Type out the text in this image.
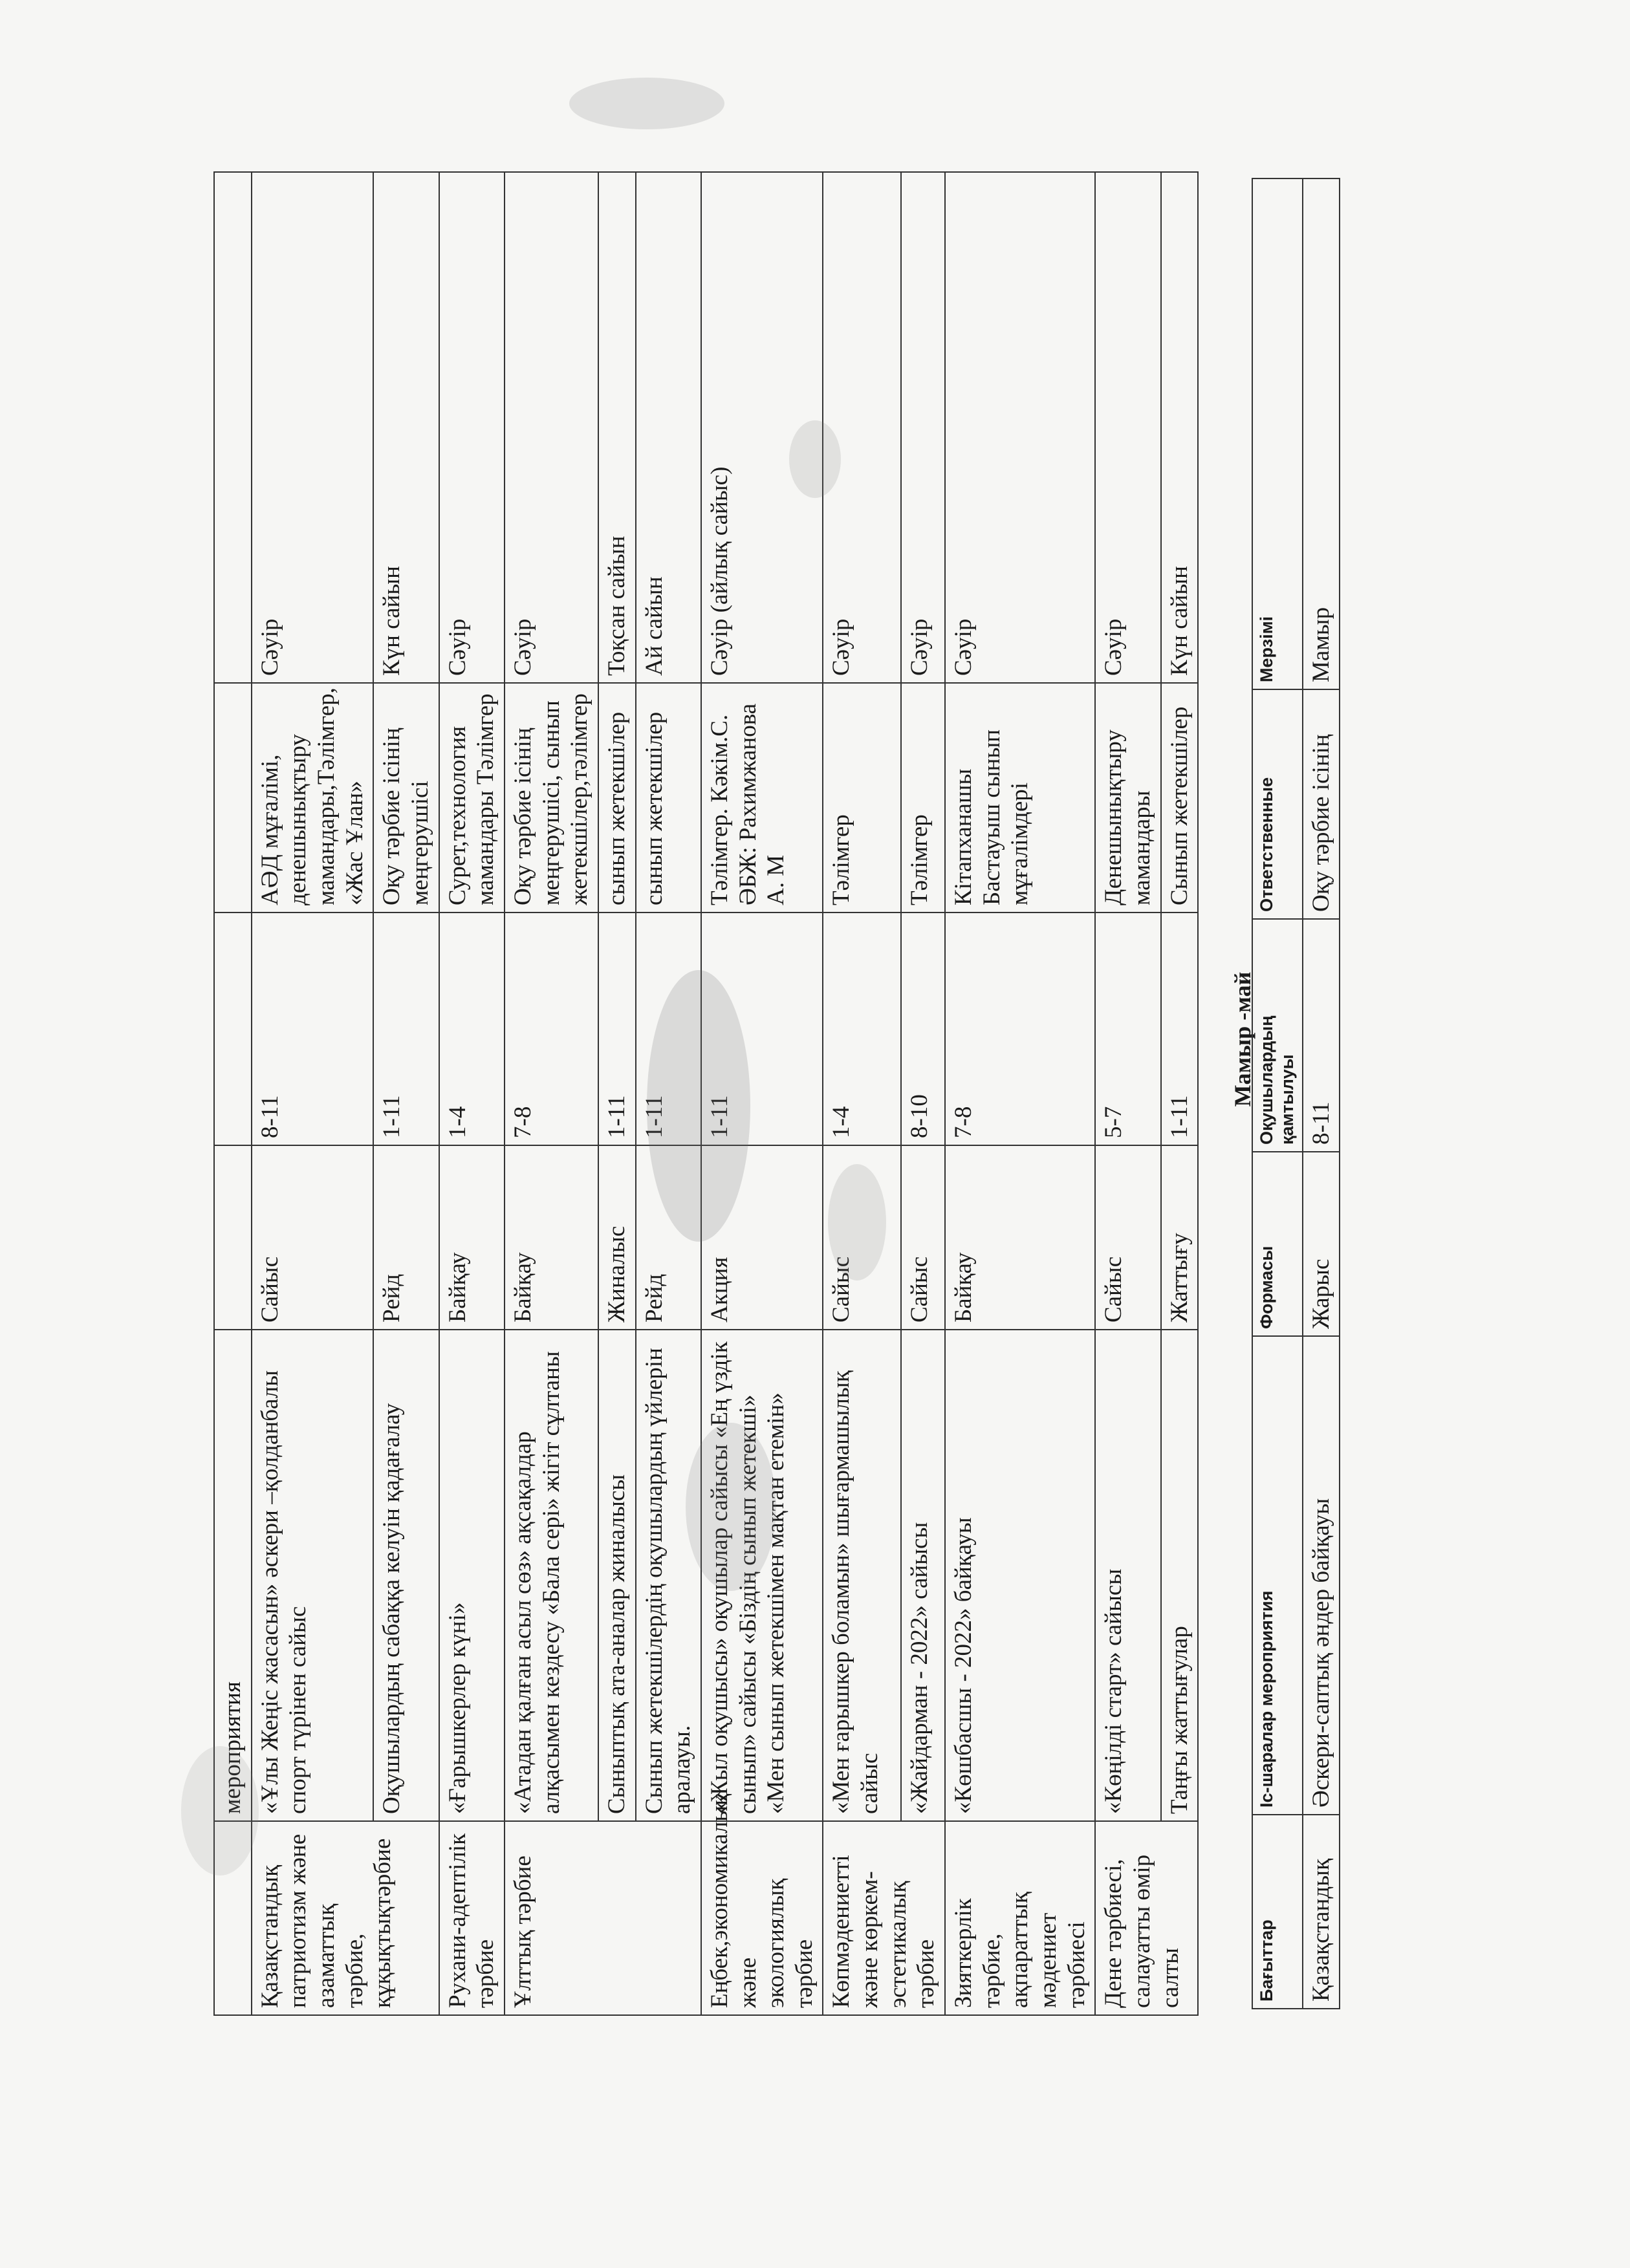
	мероприятия				
Қазақстандық патриотизм және азаматтық тәрбие, құқықтықтәрбие	«Ұлы Жеңіс жасасын» әскери –қолданбалы спорт түрінен сайыс	Сайыс	8-11	АӘД мұғалімі, денешынықтыру мамандары,Тәлімгер, «Жас Ұлан»	Сәуір
	Оқушылардың сабаққа келуін қадағалау	Рейд	1-11	Оқу тәрбие ісінің меңгерушісі	Күн сайын
Рухани-адептілік тәрбие	«Ғарышкерлер күні»	Байқау	1-4	Сурет,технология мамандары Тәлімгер	Сәуір
Ұлттық тәрбие	«Атадан қалған асыл сөз» ақсақалдар алқасымен кездесу «Бала сері» жігіт сұлтаны	Байқау	7-8	Оқу тәрбие ісінің меңгерушісі, сынып жетекшілер,тәлімгер	Сәуір
	Сыныптық ата-аналар жиналысы	Жиналыс	1-11	сынып жетекшілер	Тоқсан сайын
	Сынып жетекшілердің оқушылардың үйлерін аралауы.	Рейд	1-11	сынып жетекшілер	Ай сайын
Еңбек,экономикалық және экологиялық тәрбие	«Жыл оқушысы» оқушылар сайысы «Ең үздік сынып» сайысы «Біздің сынып жетекші» «Мен сынып жетекшімен мақтан етемін»	Акция	1-11	Тәлімгер. Кәкім.С. ӘБЖ: Рахимжанова А. М	Сәуір (айлық сайыс)
Көпмәдениетті және көркем-эстетикалық тәрбие	«Мен ғарышкер боламын» шығармашылық сайыс	Сайыс	1-4	Тәлімгер	Сәуір
	«Жайдарман - 2022» сайысы	Сайыс	8-10	Тәлімгер	Сәуір
Зияткерлік тәрбие, ақпараттық мәдениет тәрбиесі	«Көшбасшы - 2022» байқауы	Байқау	7-8	Кітапханашы Бастауыш сынып мұғалімдері	Сәуір
Дене тәрбиесі, салауатты өмір салты	«Көңілді старт» сайысы	Сайыс	5-7	Денешынықтыру мамандары	Сәуір
	Таңғы жаттығулар	Жаттығу	1-11	Сынып жетекшілер	Күн сайын
Мамыр -май
Бағыттар	Іс-шаралар мероприятия	Формасы	Оқушылардың қамтылуы	Ответственные	Мерзімі
Қазақстандық	Әскери-саптық әндер байқауы	Жарыс	8-11	Оқу тәрбие ісінің	Мамыр
